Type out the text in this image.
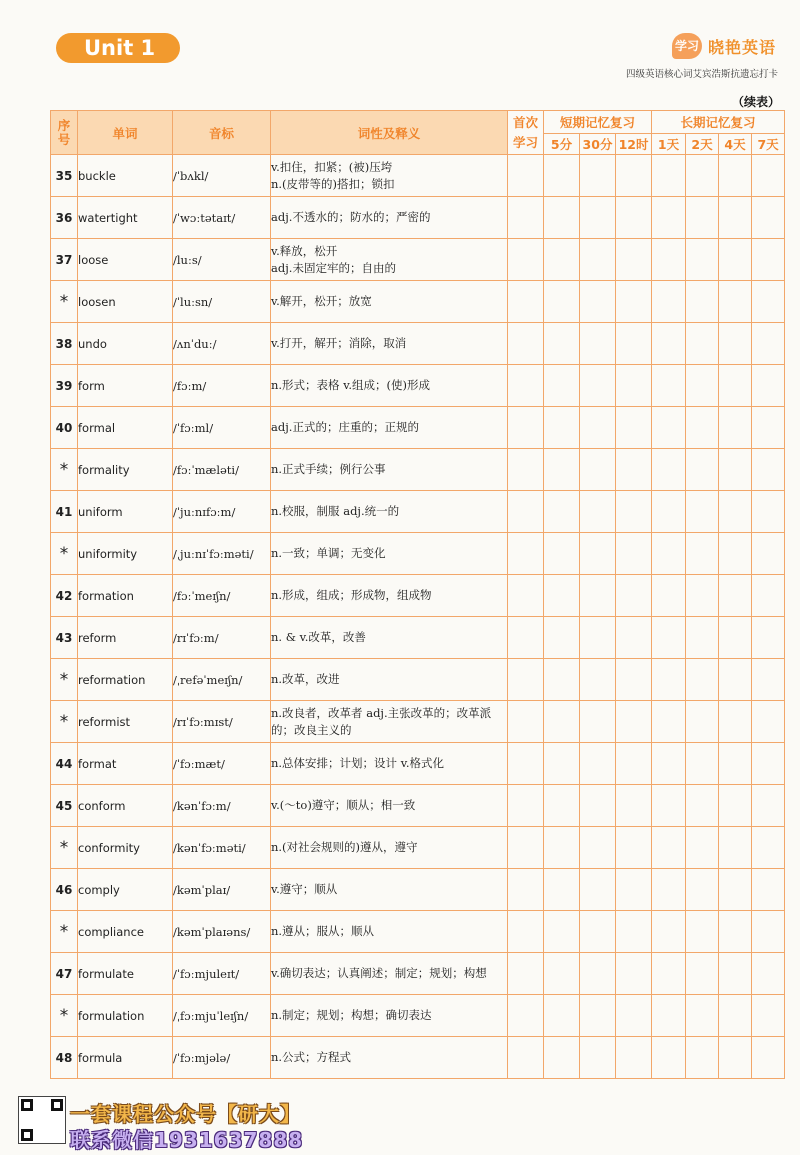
Unit 1	学习 晓艳英语
四级英语核心词艾宾浩斯抗遗忘打卡
（续表）
序号	单词	音标	词性及释义	首次学习	短期记忆复习			长期记忆复习			
					5分	30分	12时	1天	2天	4天	7天
35	buckle	/ˈbʌkl/	v.扣住，扣紧；(被)压垮
n.(皮带等的)搭扣；锁扣								
36	watertight	/ˈwɔːtətaɪt/	adj.不透水的；防水的；严密的								
37	loose	/luːs/	v.释放，松开
adj.未固定牢的；自由的								
*	loosen	/ˈluːsn/	v.解开，松开；放宽								
38	undo	/ʌnˈduː/	v.打开，解开；消除，取消								
39	form	/fɔːm/	n.形式；表格 v.组成；(使)形成								
40	formal	/ˈfɔːml/	adj.正式的；庄重的；正规的								
*	formality	/fɔːˈmæləti/	n.正式手续；例行公事								
41	uniform	/ˈjuːnɪfɔːm/	n.校服，制服 adj.统一的								
*	uniformity	/ˌjuːnɪˈfɔːməti/	n.一致；单调；无变化								
42	formation	/fɔːˈmeɪʃn/	n.形成，组成；形成物，组成物								
43	reform	/rɪˈfɔːm/	n. & v.改革，改善								
*	reformation	/ˌrefəˈmeɪʃn/	n.改革，改进								
*	reformist	/rɪˈfɔːmɪst/	n.改良者，改革者 adj.主张改革的；改革派的；改良主义的								
44	format	/ˈfɔːmæt/	n.总体安排；计划；设计 v.格式化								
45	conform	/kənˈfɔːm/	v.(～to)遵守；顺从；相一致								
*	conformity	/kənˈfɔːməti/	n.(对社会规则的)遵从，遵守								
46	comply	/kəmˈplaɪ/	v.遵守；顺从								
*	compliance	/kəmˈplaɪəns/	n.遵从；服从；顺从								
47	formulate	/ˈfɔːmjuleɪt/	v.确切表达；认真阐述；制定；规划；构想								
*	formulation	/ˌfɔːmjuˈleɪʃn/	n.制定；规划；构想；确切表达								
48	formula	/ˈfɔːmjələ/	n.公式；方程式								
一套课程公众号【研大】
联系微信1931637888
